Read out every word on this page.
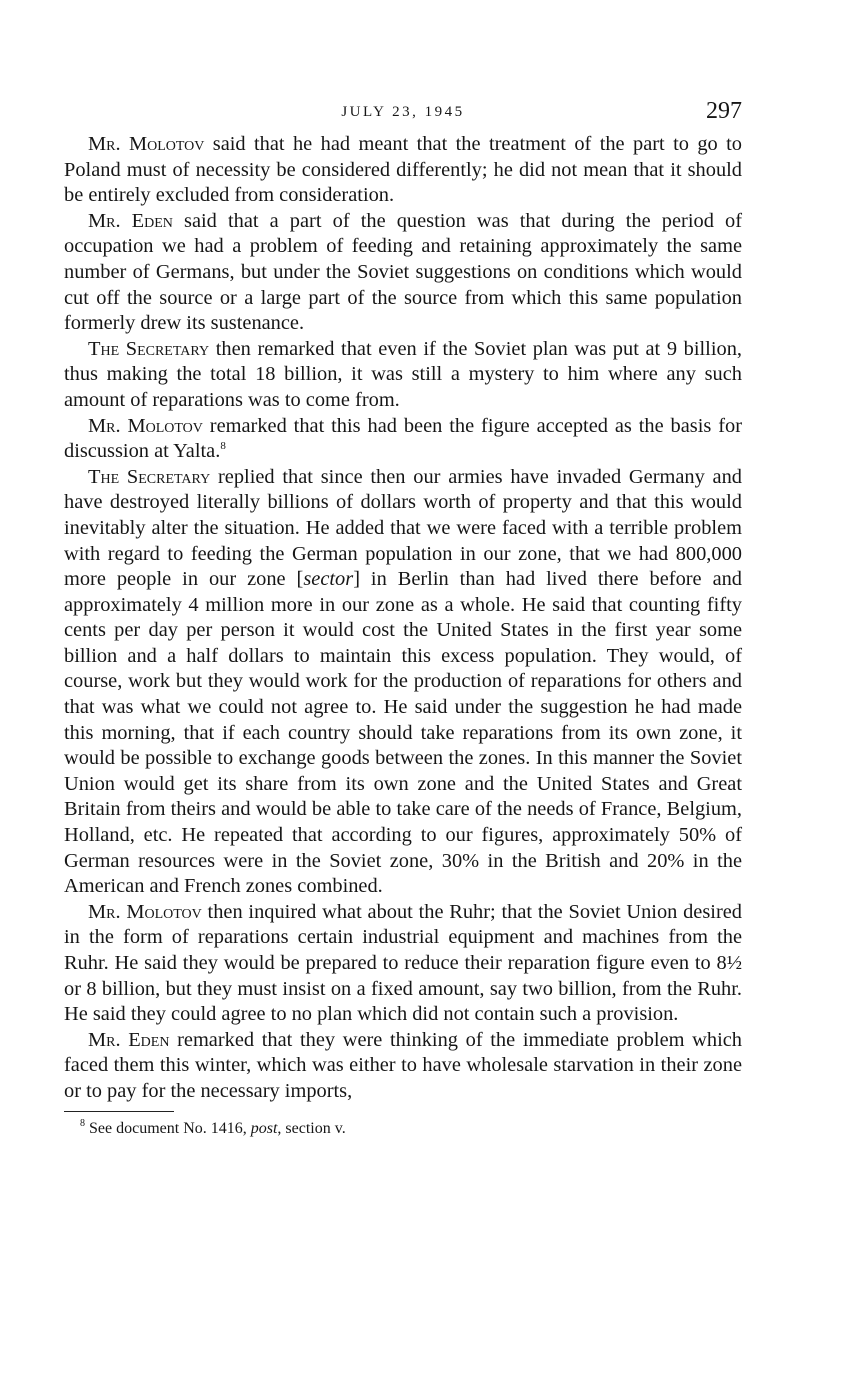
JULY 23, 1945	297

Mr. Molotov said that he had meant that the treatment of the part to go to Poland must of necessity be considered differently; he did not mean that it should be entirely excluded from consideration.

Mr. Eden said that a part of the question was that during the period of occupation we had a problem of feeding and retaining approximately the same number of Germans, but under the Soviet suggestions on conditions which would cut off the source or a large part of the source from which this same population formerly drew its sustenance.

The Secretary then remarked that even if the Soviet plan was put at 9 billion, thus making the total 18 billion, it was still a mystery to him where any such amount of reparations was to come from.

Mr. Molotov remarked that this had been the figure accepted as the basis for discussion at Yalta.$^8$

The Secretary replied that since then our armies have invaded Germany and have destroyed literally billions of dollars worth of property and that this would inevitably alter the situation. He added that we were faced with a terrible problem with regard to feeding the German population in our zone, that we had 800,000 more people in our zone [sector] in Berlin than had lived there before and approximately 4 million more in our zone as a whole. He said that counting fifty cents per day per person it would cost the United States in the first year some billion and a half dollars to maintain this excess population. They would, of course, work but they would work for the production of reparations for others and that was what we could not agree to. He said under the suggestion he had made this morning, that if each country should take reparations from its own zone, it would be possible to exchange goods between the zones. In this manner the Soviet Union would get its share from its own zone and the United States and Great Britain from theirs and would be able to take care of the needs of France, Belgium, Holland, etc. He repeated that according to our figures, approximately 50% of German resources were in the Soviet zone, 30% in the British and 20% in the American and French zones combined.

Mr. Molotov then inquired what about the Ruhr; that the Soviet Union desired in the form of reparations certain industrial equipment and machines from the Ruhr. He said they would be prepared to reduce their reparation figure even to 8½ or 8 billion, but they must insist on a fixed amount, say two billion, from the Ruhr. He said they could agree to no plan which did not contain such a provision.

Mr. Eden remarked that they were thinking of the immediate problem which faced them this winter, which was either to have wholesale starvation in their zone or to pay for the necessary imports,

$^8$ See document No. 1416, post, section v.
